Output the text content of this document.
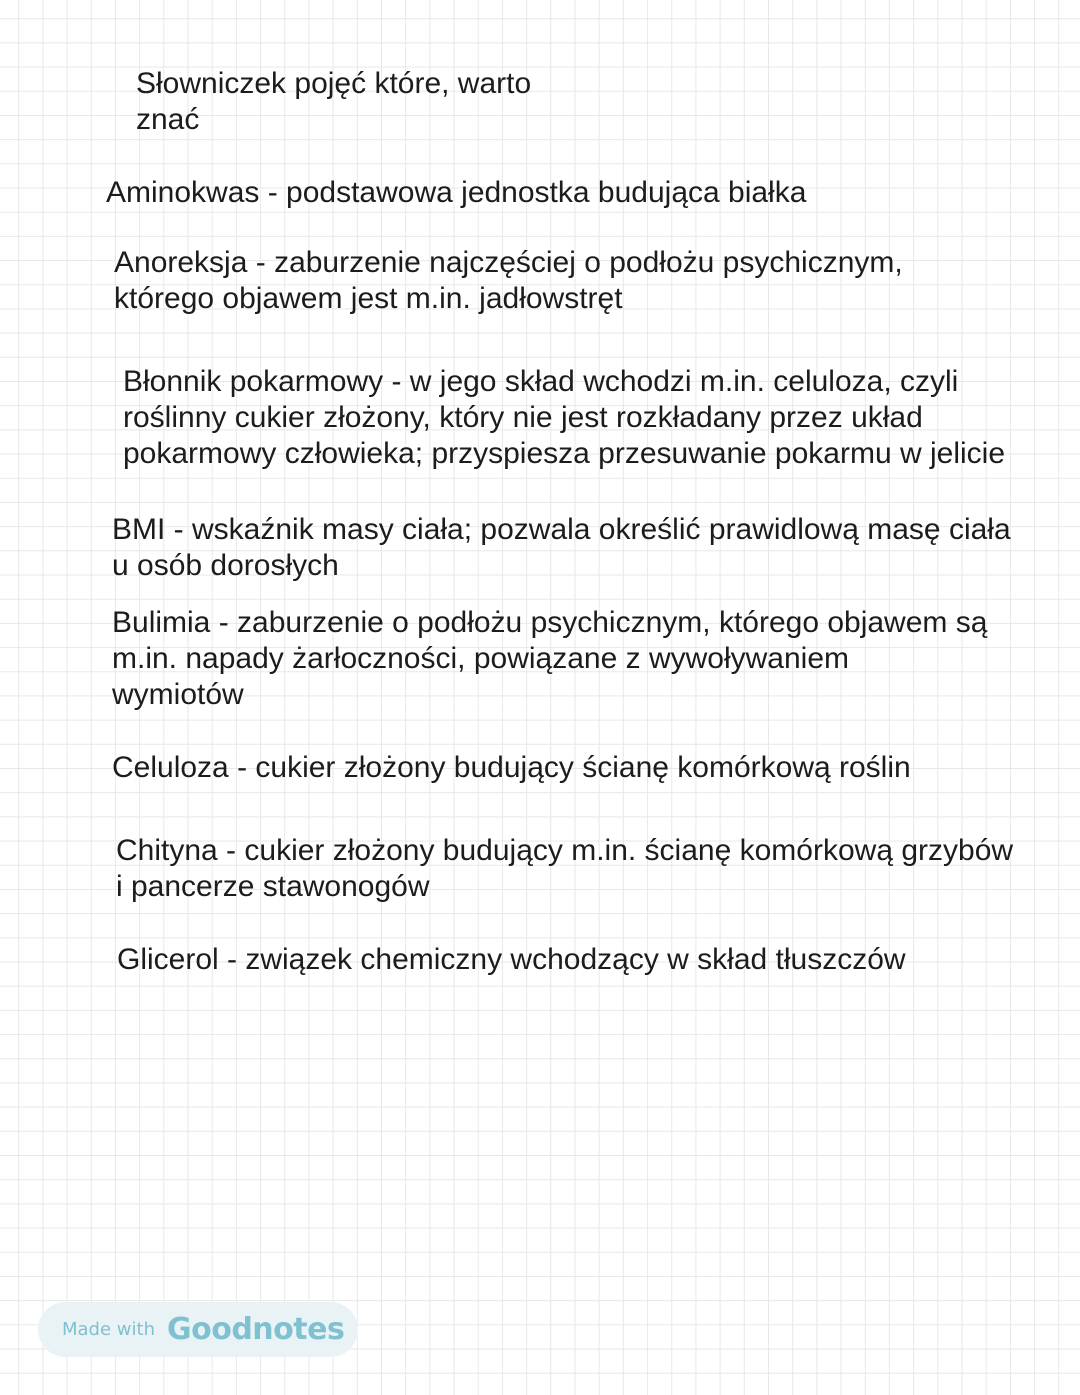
Słowniczek pojęć które, warto
znać
Aminokwas - podstawowa jednostka budująca białka
Anoreksja - zaburzenie najczęściej o podłożu psychicznym,
którego objawem jest m.in. jadłowstręt
Błonnik pokarmowy - w jego skład wchodzi m.in. celuloza, czyli
roślinny cukier złożony, który nie jest rozkładany przez układ
pokarmowy człowieka; przyspiesza przesuwanie pokarmu w jelicie
BMI - wskaźnik masy ciała; pozwala określić prawidlową masę ciała
u osób dorosłych
Bulimia - zaburzenie o podłożu psychicznym, którego objawem są
m.in. napady żarłoczności, powiązane z wywoływaniem
wymiotów
Celuloza - cukier złożony budujący ścianę komórkową roślin
Chityna - cukier złożony budujący m.in. ścianę komórkową grzybów
i pancerze stawonogów
Glicerol - związek chemiczny wchodzący w skład tłuszczów
Made with Goodnotes
